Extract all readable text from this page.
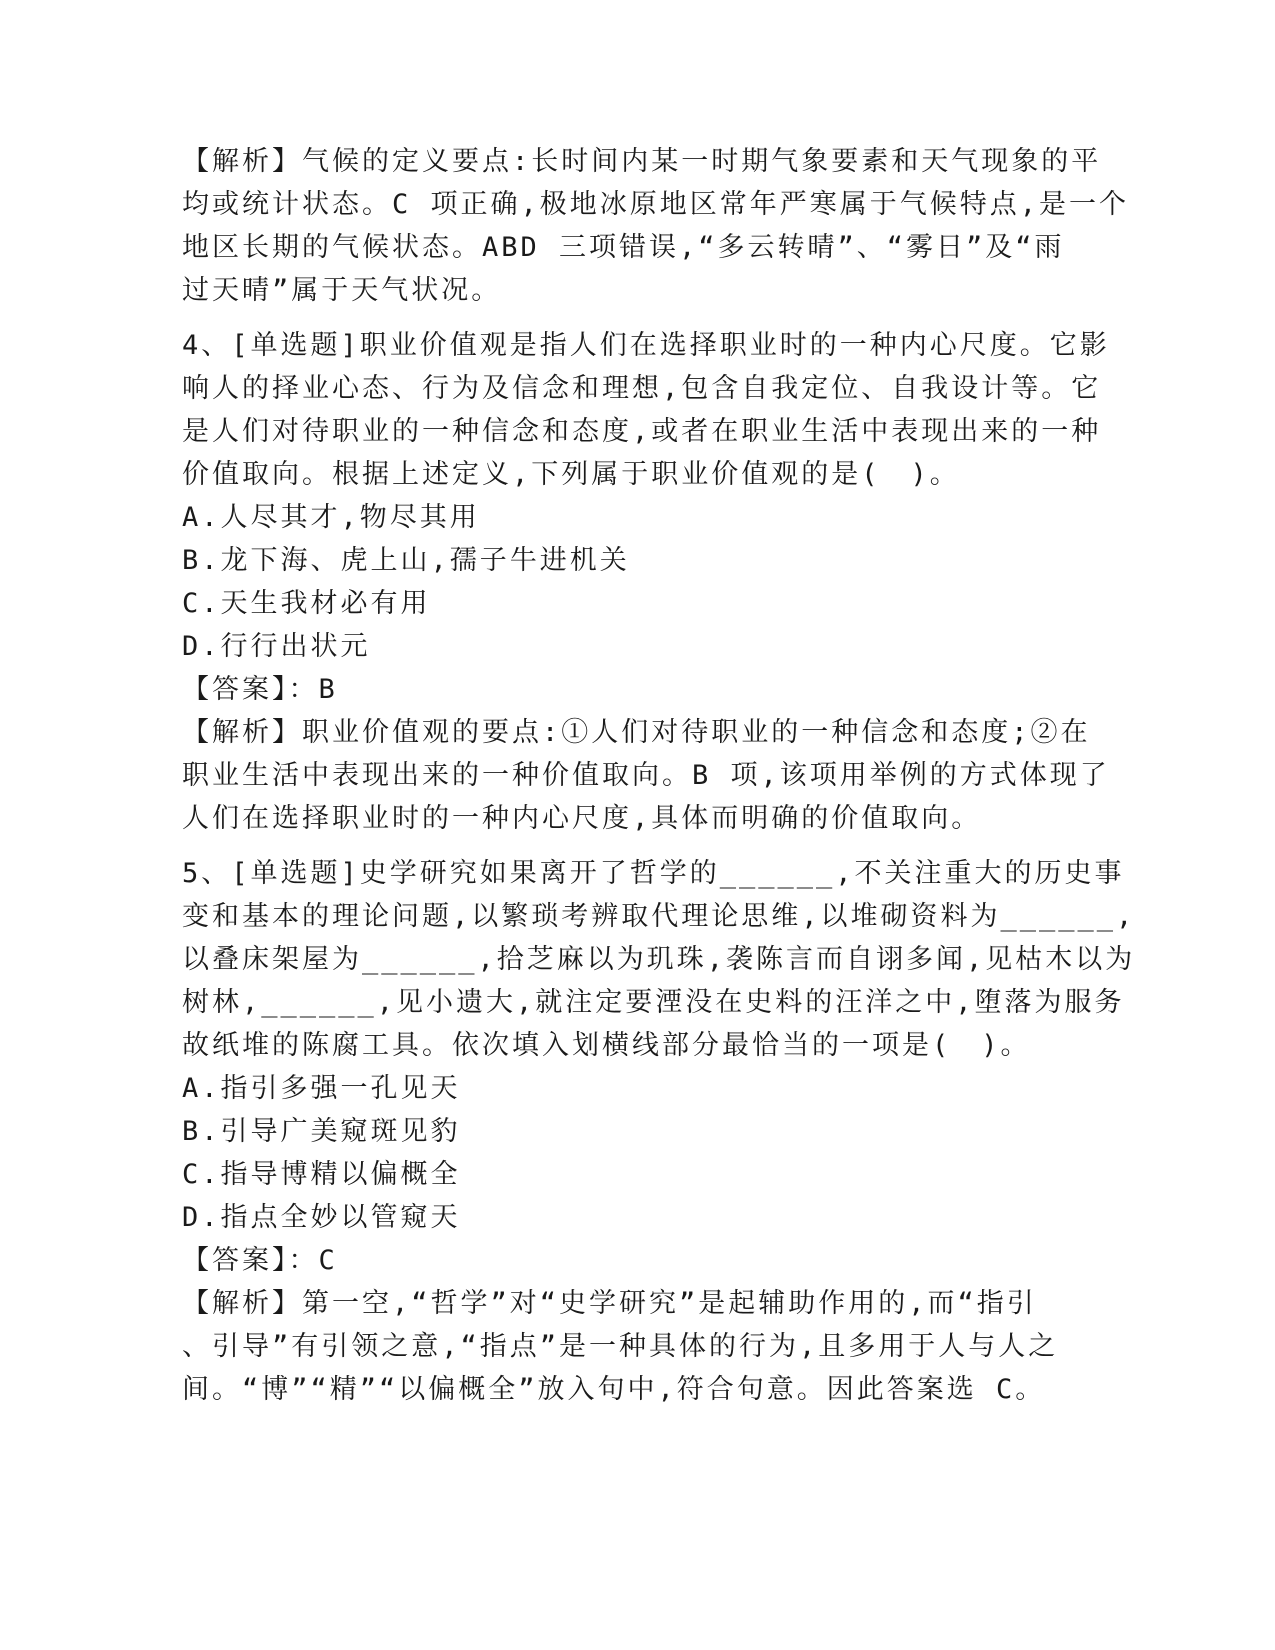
【解析】气候的定义要点:长时间内某一时期气象要素和天气现象的平
均或统计状态。C 项正确,极地冰原地区常年严寒属于气候特点,是一个
地区长期的气候状态。ABD 三项错误,“多云转晴”、“雾日”及“雨
过天晴”属于天气状况。
4、[单选题]职业价值观是指人们在选择职业时的一种内心尺度。它影
响人的择业心态、行为及信念和理想,包含自我定位、自我设计等。它
是人们对待职业的一种信念和态度,或者在职业生活中表现出来的一种
价值取向。根据上述定义,下列属于职业价值观的是(　)。
A.人尽其才,物尽其用
B.龙下海、虎上山,孺子牛进机关
C.天生我材必有用
D.行行出状元
【答案】：B
【解析】职业价值观的要点:①人们对待职业的一种信念和态度;②在
职业生活中表现出来的一种价值取向。B 项,该项用举例的方式体现了
人们在选择职业时的一种内心尺度,具体而明确的价值取向。
5、[单选题]史学研究如果离开了哲学的______,不关注重大的历史事
变和基本的理论问题,以繁琐考辨取代理论思维,以堆砌资料为______,
以叠床架屋为______,拾芝麻以为玑珠,袭陈言而自诩多闻,见枯木以为
树林,______,见小遗大,就注定要湮没在史料的汪洋之中,堕落为服务
故纸堆的陈腐工具。依次填入划横线部分最恰当的一项是(　)。
A.指引多强一孔见天
B.引导广美窥斑见豹
C.指导博精以偏概全
D.指点全妙以管窥天
【答案】：C
【解析】第一空,“哲学”对“史学研究”是起辅助作用的,而“指引
、引导”有引领之意,“指点”是一种具体的行为,且多用于人与人之
间。“博”“精”“以偏概全”放入句中,符合句意。因此答案选 C。
